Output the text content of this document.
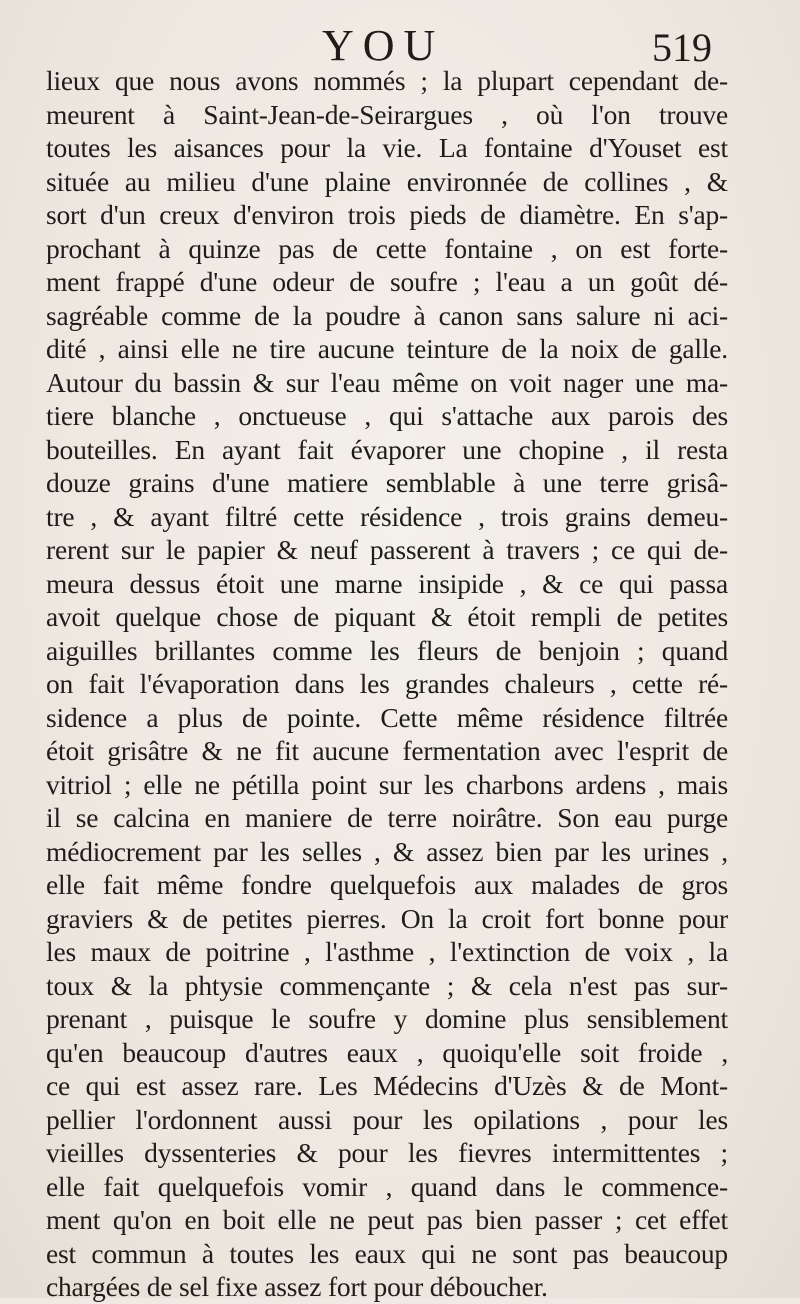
YOU	519
lieux que nous avons nommés ; la plupart cependant de-
meurent à Saint-Jean-de-Seirargues , où l'on trouve
toutes les aisances pour la vie. La fontaine d'Youset est
située au milieu d'une plaine environnée de collines , &
sort d'un creux d'environ trois pieds de diamètre. En s'ap-
prochant à quinze pas de cette fontaine , on est forte-
ment frappé d'une odeur de soufre ; l'eau a un goût dé-
sagréable comme de la poudre à canon sans salure ni aci-
dité , ainsi elle ne tire aucune teinture de la noix de galle.
Autour du bassin & sur l'eau même on voit nager une ma-
tiere blanche , onctueuse , qui s'attache aux parois des
bouteilles. En ayant fait évaporer une chopine , il resta
douze grains d'une matiere semblable à une terre grisâ-
tre , & ayant filtré cette résidence , trois grains demeu-
rerent sur le papier & neuf passerent à travers ; ce qui de-
meura dessus étoit une marne insipide , & ce qui passa
avoit quelque chose de piquant & étoit rempli de petites
aiguilles brillantes comme les fleurs de benjoin ; quand
on fait l'évaporation dans les grandes chaleurs , cette ré-
sidence a plus de pointe. Cette même résidence filtrée
étoit grisâtre & ne fit aucune fermentation avec l'esprit de
vitriol ; elle ne pétilla point sur les charbons ardens , mais
il se calcina en maniere de terre noirâtre. Son eau purge
médiocrement par les selles , & assez bien par les urines ,
elle fait même fondre quelquefois aux malades de gros
graviers & de petites pierres. On la croit fort bonne pour
les maux de poitrine , l'asthme , l'extinction de voix , la
toux & la phtysie commençante ; & cela n'est pas sur-
prenant , puisque le soufre y domine plus sensiblement
qu'en beaucoup d'autres eaux , quoiqu'elle soit froide ,
ce qui est assez rare. Les Médecins d'Uzès & de Mont-
pellier l'ordonnent aussi pour les opilations , pour les
vieilles dyssenteries & pour les fievres intermittentes ;
elle fait quelquefois vomir , quand dans le commence-
ment qu'on en boit elle ne peut pas bien passer ; cet effet
est commun à toutes les eaux qui ne sont pas beaucoup
chargées de sel fixe assez fort pour déboucher.
